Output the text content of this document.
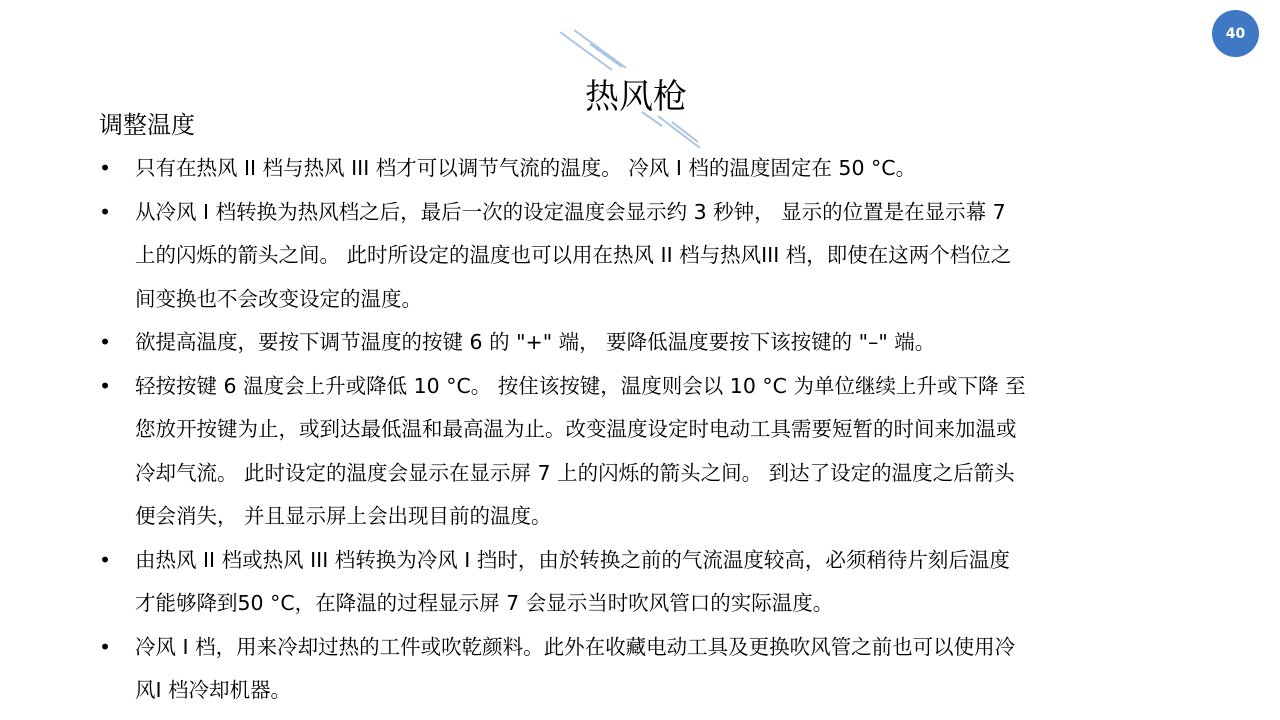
40
热风枪
调整温度
• 只有在热风 II 档与热风 III 档才可以调节气流的温度。 冷风 I 档的温度固定在 50 °C。
• 从冷风 I 档转换为热风档之后，最后一次的设定温度会显示约 3 秒钟， 显示的位置是在显示幕 7
上的闪烁的箭头之间。 此时所设定的温度也可以用在热风 II 档与热风III 档，即使在这两个档位之
间变换也不会改变设定的温度。
• 欲提高温度，要按下调节温度的按键 6 的 "+" 端， 要降低温度要按下该按键的 "–" 端。
• 轻按按键 6 温度会上升或降低 10 °C。 按住该按键，温度则会以 10 °C 为单位继续上升或下降 至
您放开按键为止，或到达最低温和最高温为止。改变温度设定时电动工具需要短暂的时间来加温或
冷却气流。 此时设定的温度会显示在显示屏 7 上的闪烁的箭头之间。 到达了设定的温度之后箭头
便会消失， 并且显示屏上会出现目前的温度。
• 由热风 II 档或热风 III 档转换为冷风 I 挡时，由於转换之前的气流温度较高，必须稍待片刻后温度
才能够降到50 °C，在降温的过程显示屏 7 会显示当时吹风管口的实际温度。
• 冷风 I 档，用来冷却过热的工件或吹乾颜料。此外在收藏电动工具及更换吹风管之前也可以使用冷
风I 档冷却机器。
